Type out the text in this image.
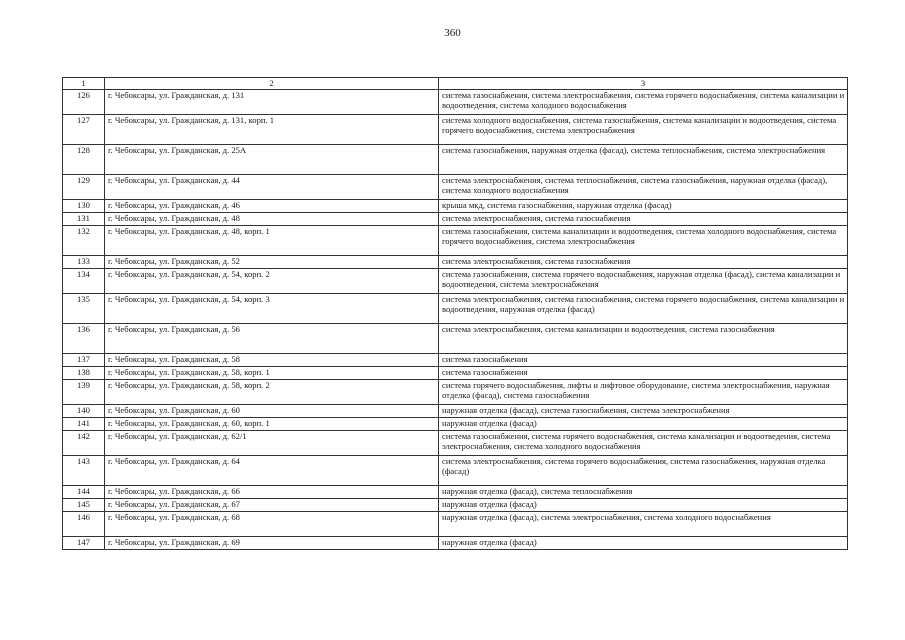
360
1	2	3
126	г. Чебоксары, ул. Гражданская, д. 131	система газоснабжения, система электроснабжения, система горячего водоснабжения, система канализации и водоотведения, система холодного водоснабжения
127	г. Чебоксары, ул. Гражданская, д. 131, корп. 1	система холодного водоснабжения, система газоснабжения, система канализации и водоотведения, система горячего водоснабжения, система электроснабжения
128	г. Чебоксары, ул. Гражданская, д. 25А	система газоснабжения, наружная отделка (фасад), система теплоснабжения, система электроснабжения
129	г. Чебоксары, ул. Гражданская, д. 44	система электроснабжения, система теплоснабжения, система газоснабжения, наружная отделка (фасад), система холодного водоснабжения
130	г. Чебоксары, ул. Гражданская, д. 46	крыша мкд, система газоснабжения, наружная отделка (фасад)
131	г. Чебоксары, ул. Гражданская, д. 48	система электроснабжения, система газоснабжения
132	г. Чебоксары, ул. Гражданская, д. 48, корп. 1	система газоснабжения, система канализации и водоотведения, система холодного водоснабжения, система горячего водоснабжения, система электроснабжения
133	г. Чебоксары, ул. Гражданская, д. 52	система электроснабжения, система газоснабжения
134	г. Чебоксары, ул. Гражданская, д. 54, корп. 2	система газоснабжения, система горячего водоснабжения, наружная отделка (фасад), система канализации и водоотведения, система электроснабжения
135	г. Чебоксары, ул. Гражданская, д. 54, корп. 3	система электроснабжения, система газоснабжения, система горячего водоснабжения, система канализации и водоотведения, наружная отделка (фасад)
136	г. Чебоксары, ул. Гражданская, д. 56	система электроснабжения, система канализации и водоотведения, система газоснабжения
137	г. Чебоксары, ул. Гражданская, д. 58	система газоснабжения
138	г. Чебоксары, ул. Гражданская, д. 58, корп. 1	система газоснабжения
139	г. Чебоксары, ул. Гражданская, д. 58, корп. 2	система горячего водоснабжения, лифты и лифтовое оборудование, система электроснабжения, наружная отделка (фасад), система газоснабжения
140	г. Чебоксары, ул. Гражданская, д. 60	наружная отделка (фасад), система газоснабжения, система электроснабжения
141	г. Чебоксары, ул. Гражданская, д. 60, корп. 1	наружная отделка (фасад)
142	г. Чебоксары, ул. Гражданская, д. 62/1	система газоснабжения, система горячего водоснабжения, система канализации и водоотведения, система электроснабжения, система холодного водоснабжения
143	г. Чебоксары, ул. Гражданская, д. 64	система электроснабжения, система горячего водоснабжения, система газоснабжения, наружная отделка (фасад)
144	г. Чебоксары, ул. Гражданская, д. 66	наружная отделка (фасад), система теплоснабжения
145	г. Чебоксары, ул. Гражданская, д. 67	наружная отделка (фасад)
146	г. Чебоксары, ул. Гражданская, д. 68	наружная отделка (фасад), система электроснабжения, система холодного водоснабжения
147	г. Чебоксары, ул. Гражданская, д. 69	наружная отделка (фасад)
